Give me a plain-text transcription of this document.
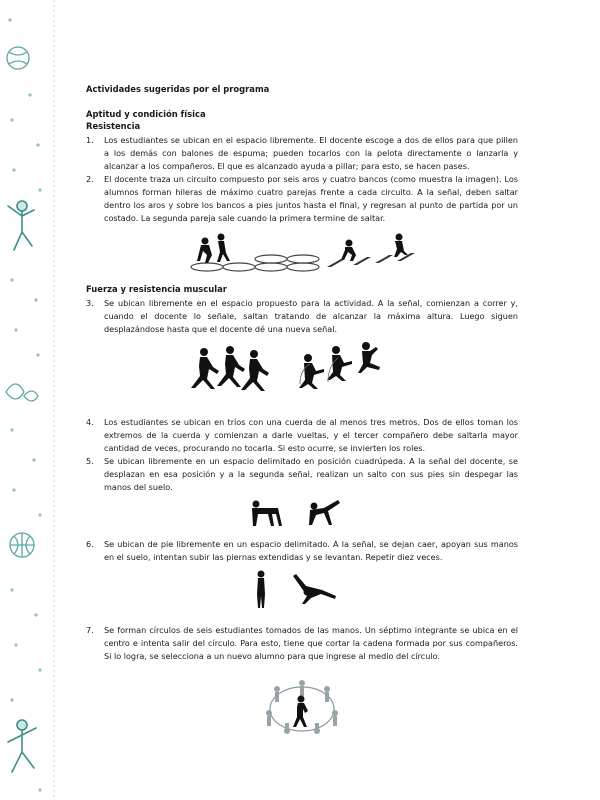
Actividades sugeridas por el programa

Aptitud y condición física

Resistencia

1.	Los estudiantes se ubican en el espacio libremente. El docente escoge a dos de ellos para que pillen a los demás con balones de espuma; pueden tocarlos con la pelota directamente o lanzarla y alcanzar a los compañeros. El que es alcanzado ayuda a pillar; para esto, se hacen pases.
2.	El docente traza un circuito compuesto por seis aros y cuatro bancos (como muestra la imagen). Los alumnos forman hileras de máximo cuatro parejas frente a cada circuito. A la señal, deben saltar dentro los aros y sobre los bancos a pies juntos hasta el final, y regresan al punto de partida por un costado. La segunda pareja sale cuando la primera termine de saltar.

Fuerza y resistencia muscular

3.	Se ubican libremente en el espacio propuesto para la actividad. A la señal, comienzan a correr y, cuando el docente lo señale, saltan tratando de alcanzar la máxima altura. Luego siguen desplazándose hasta que el docente dé una nueva señal.
4.	Los estudiantes se ubican en tríos con una cuerda de al menos tres metros. Dos de ellos toman los extremos de la cuerda y comienzan a darle vueltas, y el tercer compañero debe saltarla mayor cantidad de veces, procurando no tocarla. Si esto ocurre, se invierten los roles.
5.	Se ubican libremente en un espacio delimitado en posición cuadrúpeda. A la señal del docente, se desplazan en esa posición y a la segunda señal, realizan un salto con sus pies sin despegar las manos del suelo.
6.	Se ubican de pie libremente en un espacio delimitado. A la señal, se dejan caer, apoyan sus manos en el suelo, intentan subir las piernas extendidas y se levantan. Repetir diez veces.
7.	Se forman círculos de seis estudiantes tomados de las manos. Un séptimo integrante se ubica en el centro e intenta salir del círculo. Para esto, tiene que cortar la cadena formada por sus compañeros. Si lo logra, se selecciona a un nuevo alumno para que ingrese al medio del círculo.
